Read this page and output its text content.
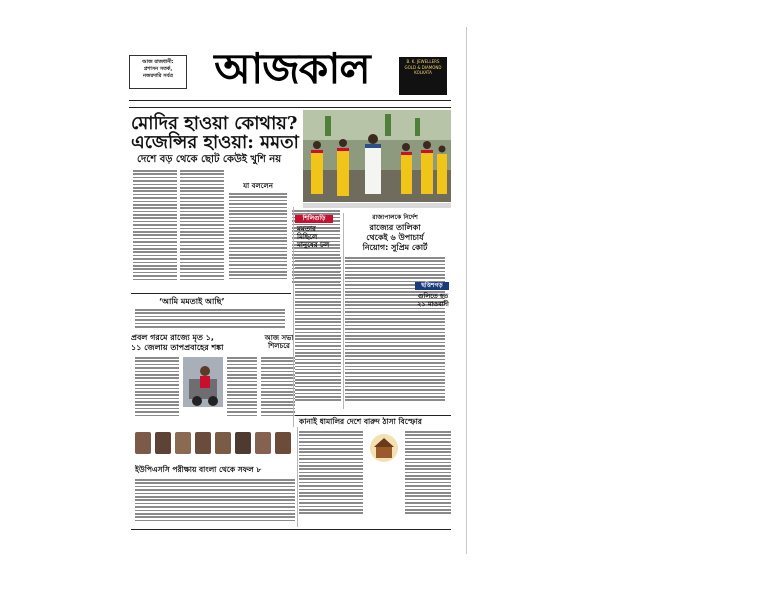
আজ রাজধানী:
প্রশাসন সতর্ক,
নজরদারি সর্বত্র আজকাল	B. K. JEWELLERS
GOLD & DIAMOND
KOLKATA
মোদির হাওয়া কোথায়?
এজেন্সির হাওয়া: মমতা
দেশে বড় থেকে ছোট কেউই খুশি নয়
যা বললেন
শিলিগুড়ি
মমতার
মিছিলে
মানুষের ঢল
রাজ্যপালকে নির্দেশ
রাজ্যের তালিকা
থেকেই ৬ উপাচার্য
নিয়োগ: সুপ্রিম কোর্ট
ছত্তিশগড়
গুলিতে হত
২১ মাওবাদী
‘আমি মমতাই আছি’
প্রবল গরমে রাজ্যে মৃত ১,
১১ জেলায় তাপপ্রবাহের শঙ্কা
আজ সভা
শিলচরে
কানাই ধামালির দেশে বারুদ ঠাসা বিস্ফোর
ইউপিএসসি পরীক্ষায় বাংলা থেকে সফল ৮
